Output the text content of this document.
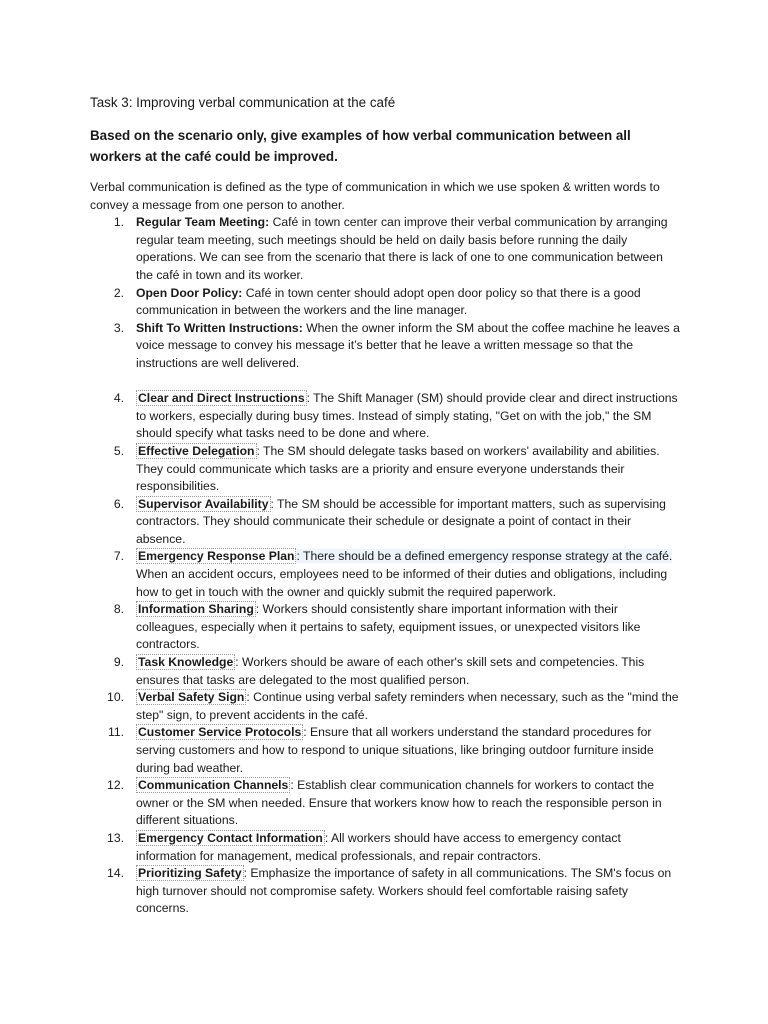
Task 3: Improving verbal communication at the café
Based on the scenario only, give examples of how verbal communication between all workers at the café could be improved.

Verbal communication is defined as the type of communication in which we use spoken & written words to convey a message from one person to another.

1. Regular Team Meeting: Café in town center can improve their verbal communication by arranging regular team meeting, such meetings should be held on daily basis before running the daily operations. We can see from the scenario that there is lack of one to one communication between the café in town and its worker.
2. Open Door Policy: Café in town center should adopt open door policy so that there is a good communication in between the workers and the line manager.
3. Shift To Written Instructions: When the owner inform the SM about the coffee machine he leaves a voice message to convey his message it’s better that he leave a written message so that the instructions are well delivered.
4. Clear and Direct Instructions : The Shift Manager (SM) should provide clear and direct instructions to workers, especially during busy times. Instead of simply stating, "Get on with the job," the SM should specify what tasks need to be done and where.
5. Effective Delegation : The SM should delegate tasks based on workers' availability and abilities. They could communicate which tasks are a priority and ensure everyone understands their responsibilities.
6. Supervisor Availability : The SM should be accessible for important matters, such as supervising contractors. They should communicate their schedule or designate a point of contact in their absence.
7. Emergency Response Plan : There should be a defined emergency response strategy at the café. When an accident occurs, employees need to be informed of their duties and obligations, including how to get in touch with the owner and quickly submit the required paperwork.
8. Information Sharing : Workers should consistently share important information with their colleagues, especially when it pertains to safety, equipment issues, or unexpected visitors like contractors.
9. Task Knowledge : Workers should be aware of each other's skill sets and competencies. This ensures that tasks are delegated to the most qualified person.
10. Verbal Safety Sign : Continue using verbal safety reminders when necessary, such as the "mind the step" sign, to prevent accidents in the café.
11. Customer Service Protocols : Ensure that all workers understand the standard procedures for serving customers and how to respond to unique situations, like bringing outdoor furniture inside during bad weather.
12. Communication Channels : Establish clear communication channels for workers to contact the owner or the SM when needed. Ensure that workers know how to reach the responsible person in different situations.
13. Emergency Contact Information : All workers should have access to emergency contact information for management, medical professionals, and repair contractors.
14. Prioritizing Safety : Emphasize the importance of safety in all communications. The SM's focus on high turnover should not compromise safety. Workers should feel comfortable raising safety concerns.
